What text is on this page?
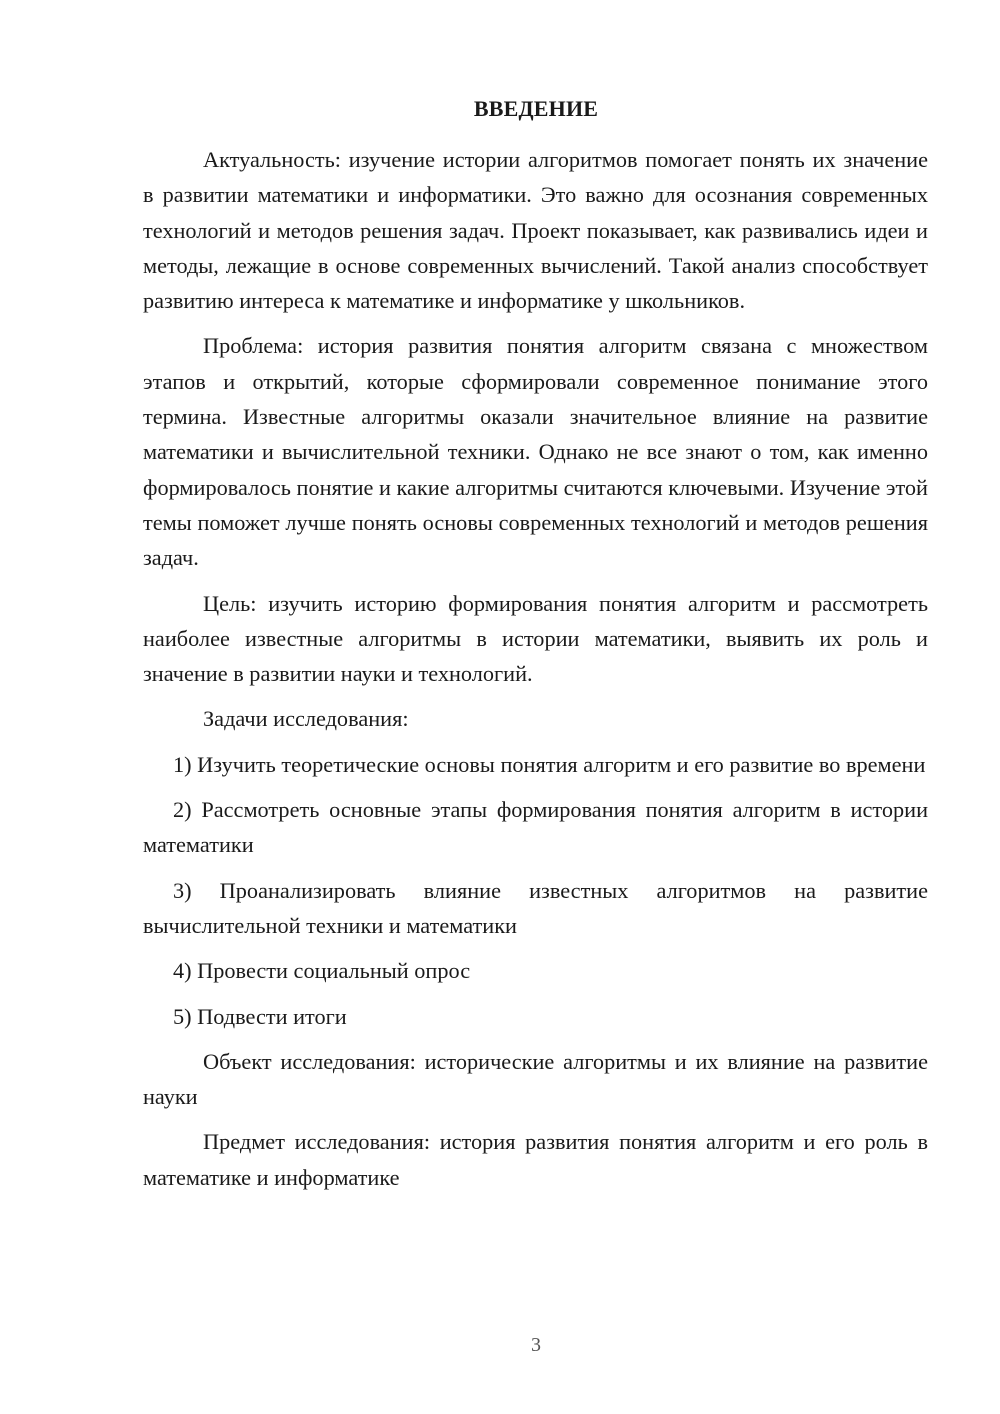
ВВЕДЕНИЕ

Актуальность: изучение истории алгоритмов помогает понять их значение в развитии математики и информатики. Это важно для осознания современных технологий и методов решения задач. Проект показывает, как развивались идеи и методы, лежащие в основе современных вычислений. Такой анализ способствует развитию интереса к математике и информатике у школьников.

Проблема: история развития понятия алгоритм связана с множеством этапов и открытий, которые сформировали современное понимание этого термина. Известные алгоритмы оказали значительное влияние на развитие математики и вычислительной техники. Однако не все знают о том, как именно формировалось понятие и какие алгоритмы считаются ключевыми. Изучение этой темы поможет лучше понять основы современных технологий и методов решения задач.

Цель: изучить историю формирования понятия алгоритм и рассмотреть наиболее известные алгоритмы в истории математики, выявить их роль и значение в развитии науки и технологий.

Задачи исследования:

1) Изучить теоретические основы понятия алгоритм и его развитие во времени

2) Рассмотреть основные этапы формирования понятия алгоритм в истории математики

3) Проанализировать влияние известных алгоритмов на развитие вычислительной техники и математики

4) Провести социальный опрос

5) Подвести итоги

Объект исследования: исторические алгоритмы и их влияние на развитие науки

Предмет исследования: история развития понятия алгоритм и его роль в математике и информатике

3
